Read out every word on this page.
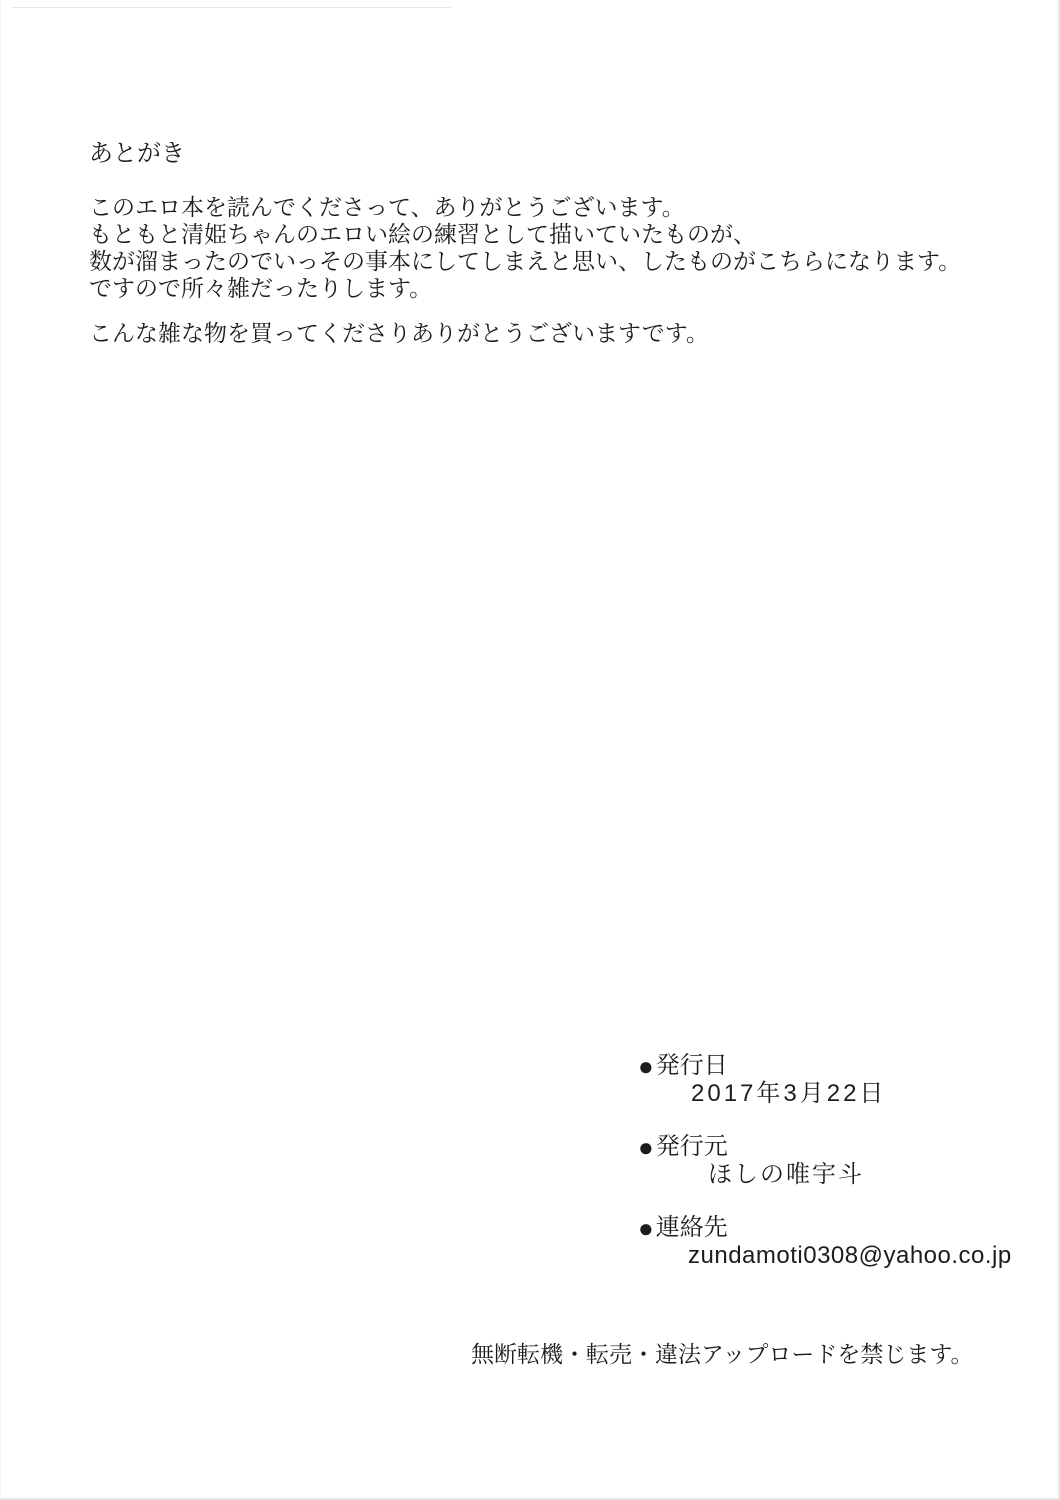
あとがき

このエロ本を読んでくださって、ありがとうございます。

もともと清姫ちゃんのエロい絵の練習として描いていたものが、

数が溜まったのでいっその事本にしてしまえと思い、したものがこちらになります。

ですので所々雑だったりします。

こんな雑な物を買ってくださりありがとうございますです。
● 発行日
2017年3月22日
● 発行元
ほしの唯宇斗
● 連絡先
zundamoti0308@yahoo.co.jp
無断転機・転売・違法アップロードを禁じます。
